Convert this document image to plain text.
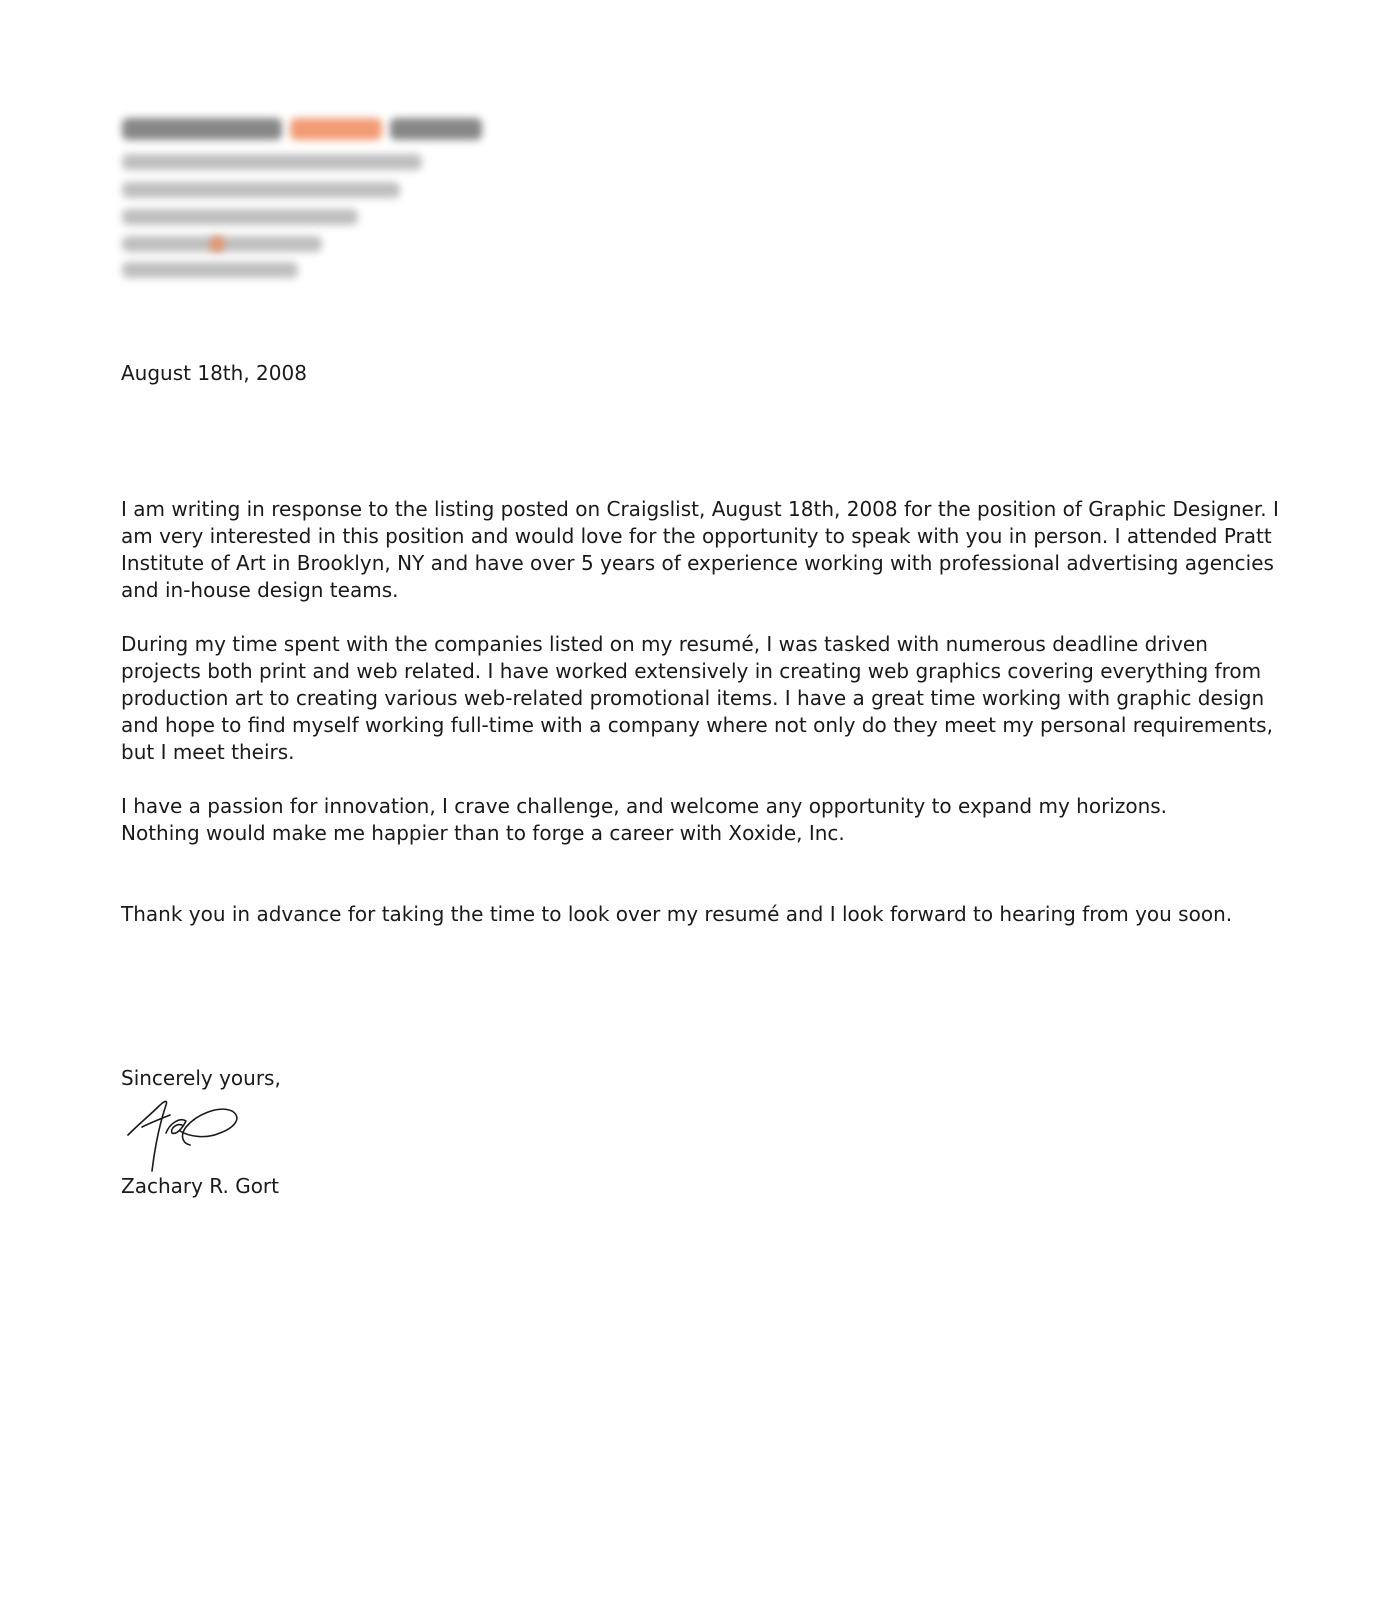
August 18th, 2008

I am writing in response to the listing posted on Craigslist, August 18th, 2008 for the position of Graphic Designer. I am very interested in this position and would love for the opportunity to speak with you in person. I attended Pratt Institute of Art in Brooklyn, NY and have over 5 years of experience working with professional advertising agencies and in-house design teams.

During my time spent with the companies listed on my resumé, I was tasked with numerous deadline driven projects both print and web related. I have worked extensively in creating web graphics covering everything from production art to creating various web-related promotional items. I have a great time working with graphic design and hope to find myself working full-time with a company where not only do they meet my personal requirements, but I meet theirs.

I have a passion for innovation, I crave challenge, and welcome any opportunity to expand my horizons.

Nothing would make me happier than to forge a career with Xoxide, Inc.

Thank you in advance for taking the time to look over my resumé and I look forward to hearing from you soon.

Sincerely yours,
Zachary R. Gort
